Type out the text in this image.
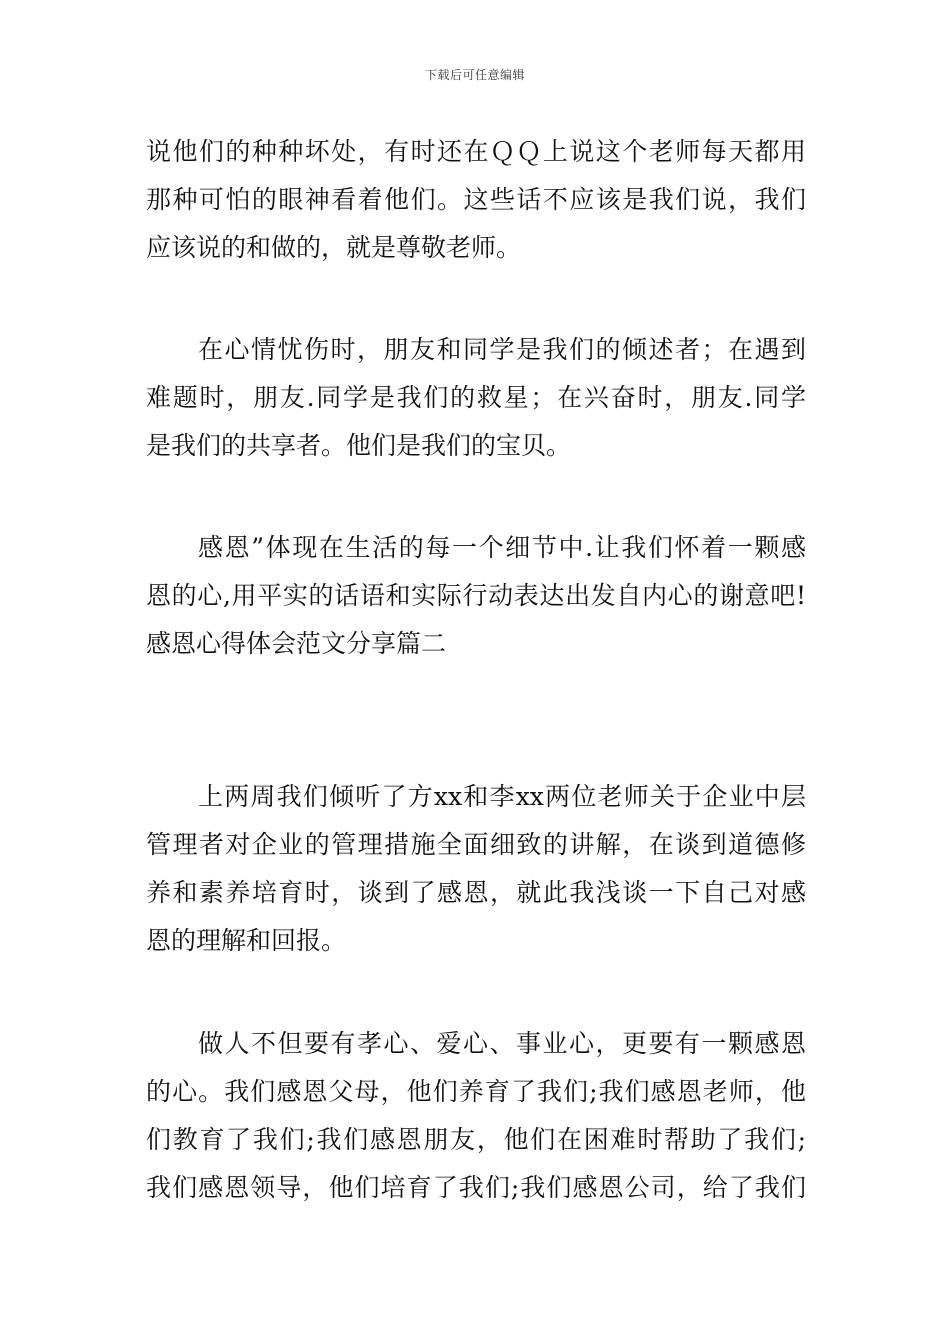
下载后可任意编辑
说他们的种种坏处，有时还在ＱＱ上说这个老师每天都用
那种可怕的眼神看着他们。这些话不应该是我们说，我们
应该说的和做的，就是尊敬老师。
在心情忧伤时，朋友和同学是我们的倾述者；在遇到
难题时，朋友.同学是我们的救星；在兴奋时，朋友.同学
是我们的共享者。他们是我们的宝贝。
感恩”体现在生活的每一个细节中.让我们怀着一颗感
恩的心,用平实的话语和实际行动表达出发自内心的谢意吧!
感恩心得体会范文分享篇二
上两周我们倾听了方xx和李xx两位老师关于企业中层
管理者对企业的管理措施全面细致的讲解，在谈到道德修
养和素养培育时，谈到了感恩，就此我浅谈一下自己对感
恩的理解和回报。
做人不但要有孝心、爱心、事业心，更要有一颗感恩
的心。我们感恩父母，他们养育了我们;我们感恩老师，他
们教育了我们;我们感恩朋友，他们在困难时帮助了我们;
我们感恩领导，他们培育了我们;我们感恩公司，给了我们
